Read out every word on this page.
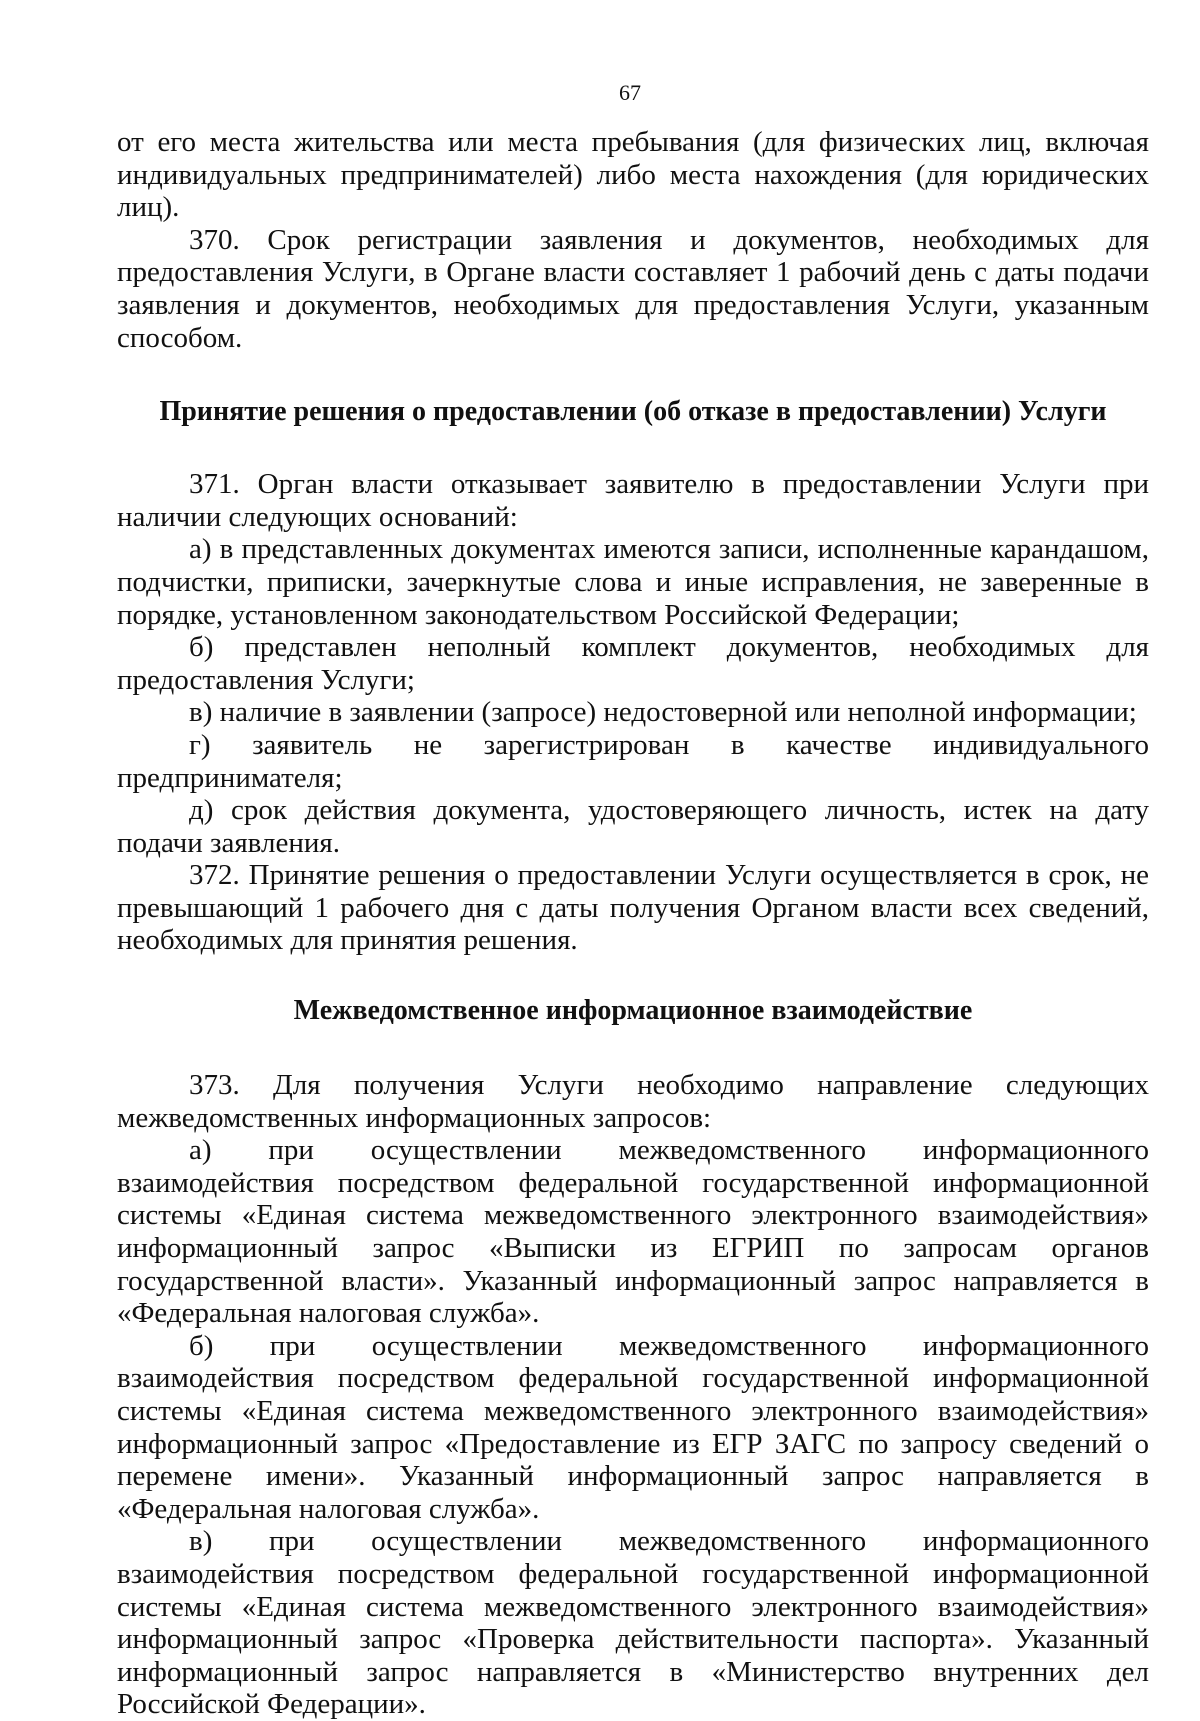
67

от его места жительства или места пребывания (для физических лиц, включая индивидуальных предпринимателей) либо места нахождения (для юридических лиц).

370. Срок регистрации заявления и документов, необходимых для предоставления Услуги, в Органе власти составляет 1 рабочий день с даты подачи заявления и документов, необходимых для предоставления Услуги, указанным способом.

Принятие решения о предоставлении (об отказе в предоставлении) Услуги

371. Орган власти отказывает заявителю в предоставлении Услуги при наличии следующих оснований:

а) в представленных документах имеются записи, исполненные карандашом, подчистки, приписки, зачеркнутые слова и иные исправления, не заверенные в порядке, установленном законодательством Российской Федерации;

б) представлен неполный комплект документов, необходимых для предоставления Услуги;

в) наличие в заявлении (запросе) недостоверной или неполной информации;

г) заявитель не зарегистрирован в качестве индивидуального предпринимателя;

д) срок действия документа, удостоверяющего личность, истек на дату подачи заявления.

372. Принятие решения о предоставлении Услуги осуществляется в срок, не превышающий 1 рабочего дня с даты получения Органом власти всех сведений, необходимых для принятия решения.

Межведомственное информационное взаимодействие

373. Для получения Услуги необходимо направление следующих межведомственных информационных запросов:

а) при осуществлении межведомственного информационного взаимодействия посредством федеральной государственной информационной системы «Единая система межведомственного электронного взаимодействия» информационный запрос «Выписки из ЕГРИП по запросам органов государственной власти». Указанный информационный запрос направляется в «Федеральная налоговая служба».

б) при осуществлении межведомственного информационного взаимодействия посредством федеральной государственной информационной системы «Единая система межведомственного электронного взаимодействия» информационный запрос «Предоставление из ЕГР ЗАГС по запросу сведений о перемене имени». Указанный информационный запрос направляется в «Федеральная налоговая служба».

в) при осуществлении межведомственного информационного взаимодействия посредством федеральной государственной информационной системы «Единая система межведомственного электронного взаимодействия» информационный запрос «Проверка действительности паспорта». Указанный информационный запрос направляется в «Министерство внутренних дел Российской Федерации».
